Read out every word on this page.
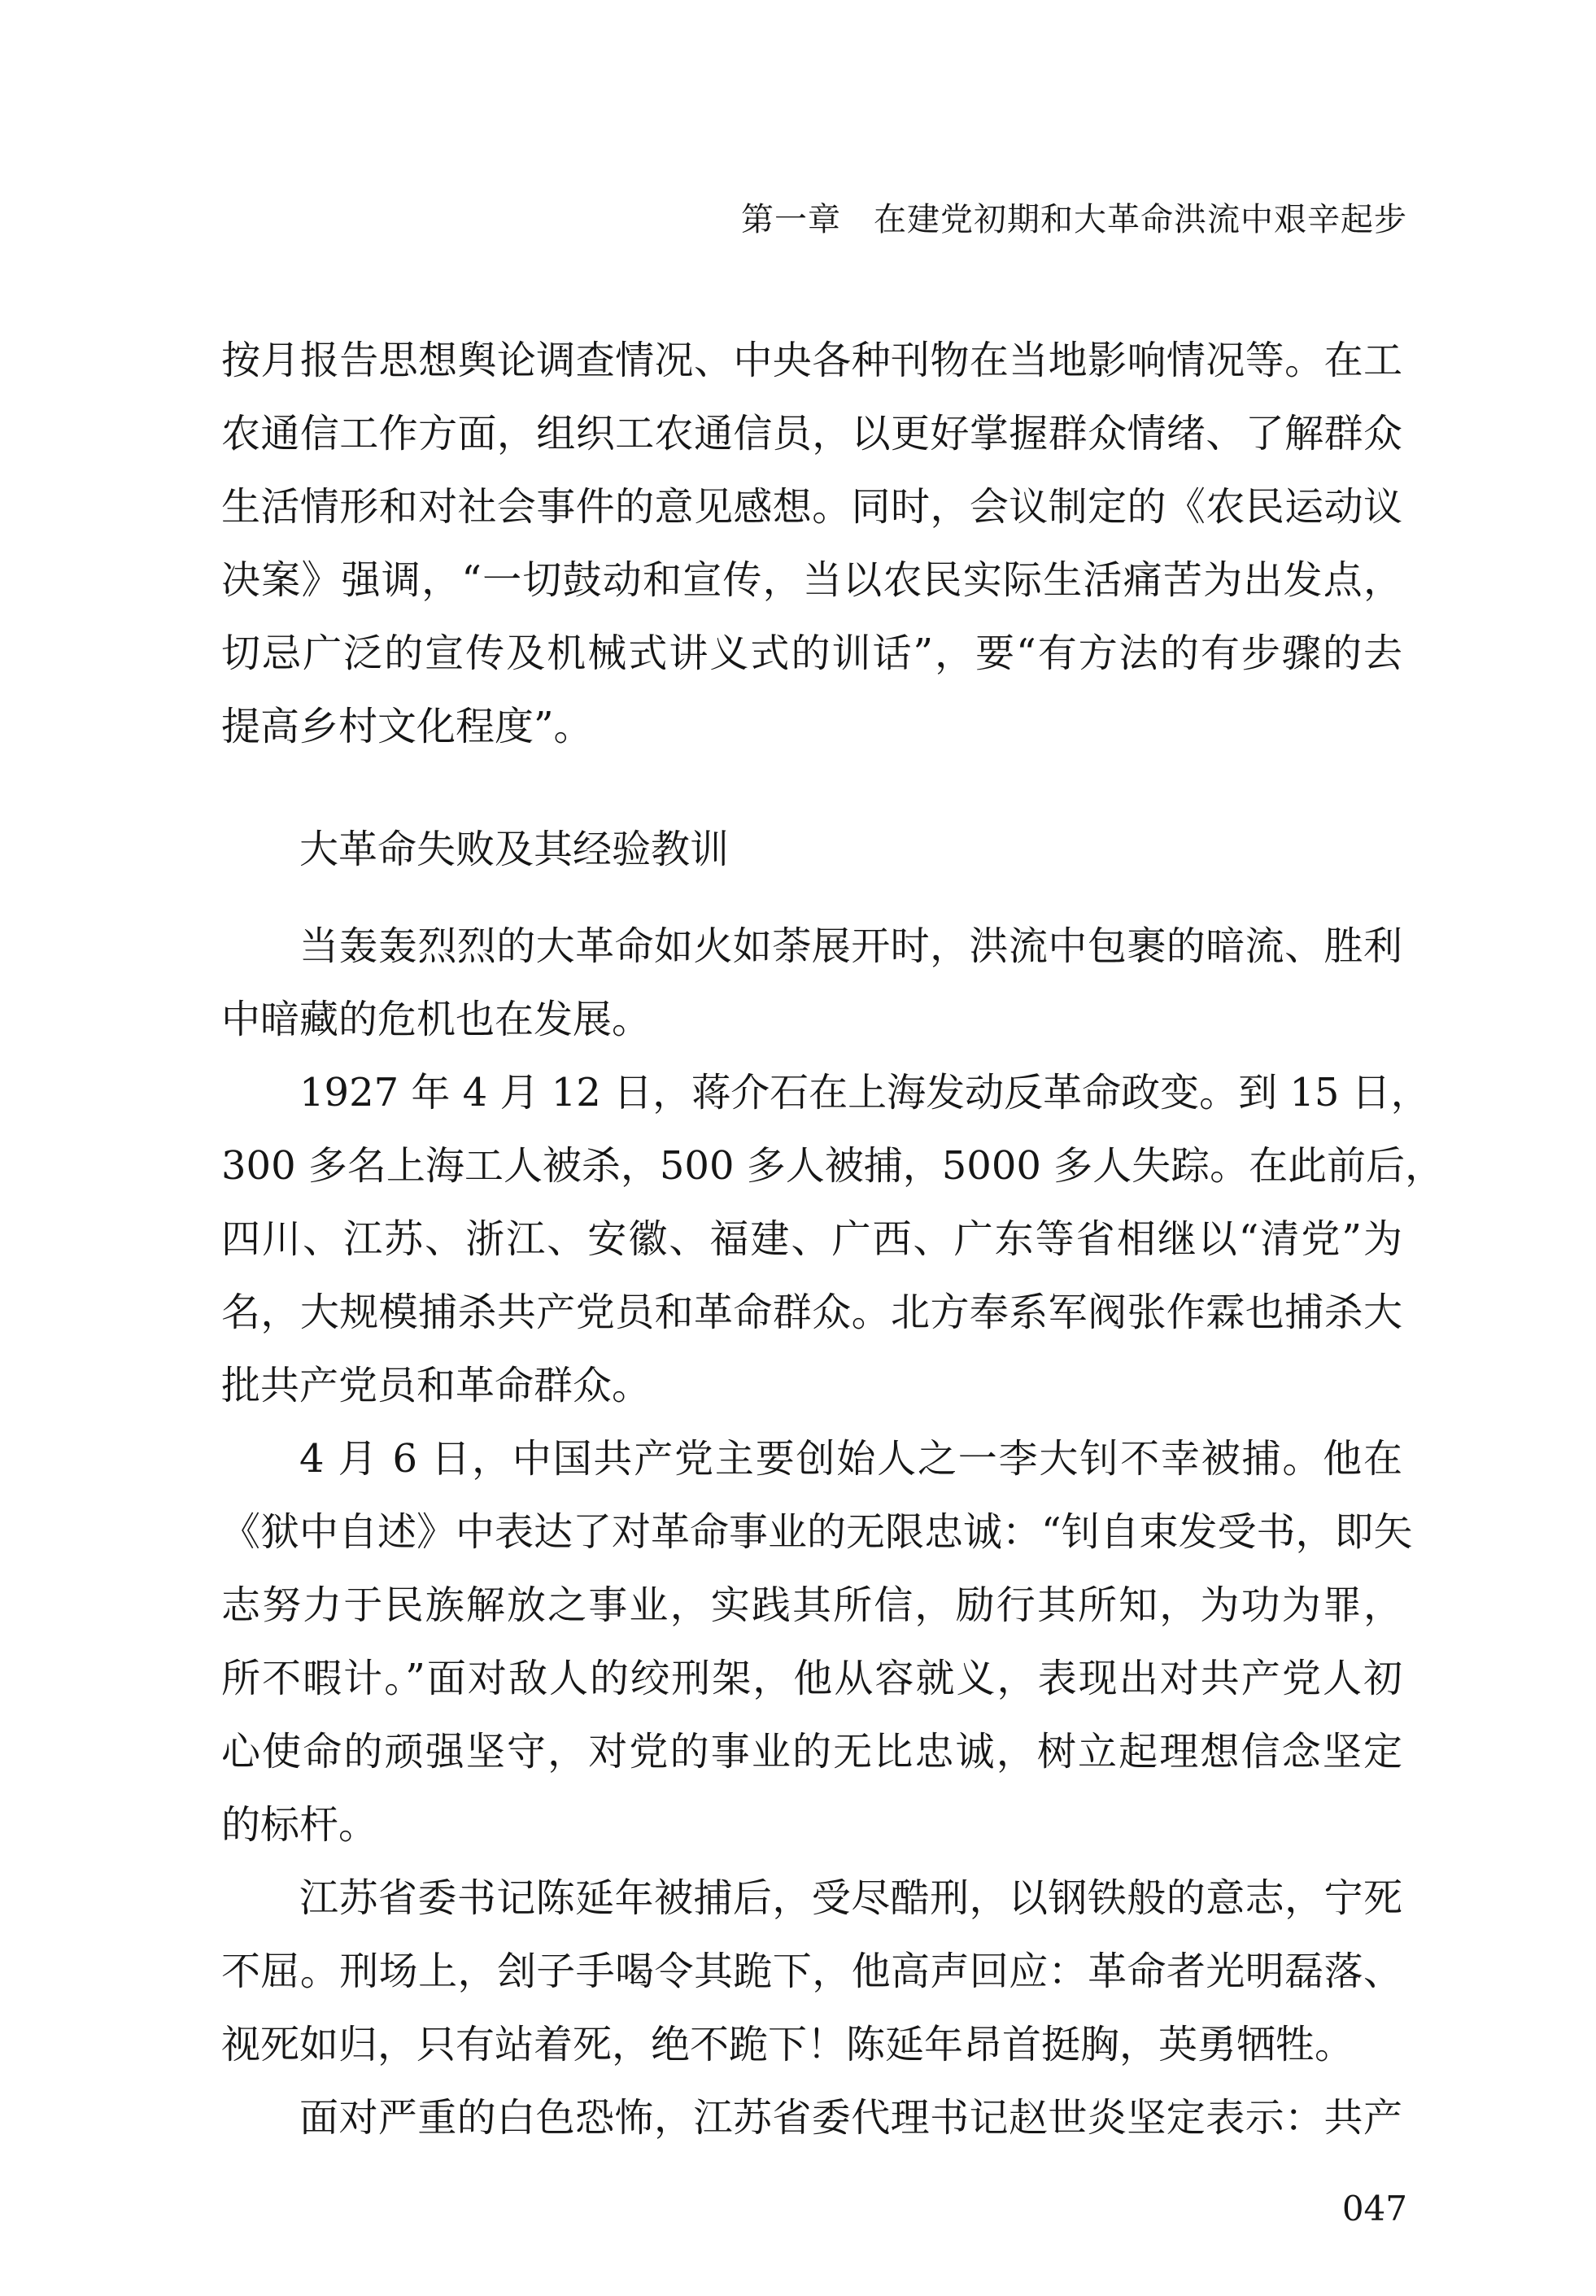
第一章 在建党初期和大革命洪流中艰辛起步
按月报告思想舆论调查情况、中央各种刊物在当地影响情况等。在工
农通信工作方面，组织工农通信员，以更好掌握群众情绪、了解群众
生活情形和对社会事件的意见感想。同时，会议制定的《农民运动议
决案》强调，“一切鼓动和宣传，当以农民实际生活痛苦为出发点，
切忌广泛的宣传及机械式讲义式的训话”，要“有方法的有步骤的去
提高乡村文化程度”。
大革命失败及其经验教训
当轰轰烈烈的大革命如火如荼展开时，洪流中包裹的暗流、胜利
中暗藏的危机也在发展。
1927 年 4 月 12 日，蒋介石在上海发动反革命政变。到 15 日，
300 多名上海工人被杀，500 多人被捕，5000 多人失踪。在此前后，
四川、江苏、浙江、安徽、福建、广西、广东等省相继以“清党”为
名，大规模捕杀共产党员和革命群众。北方奉系军阀张作霖也捕杀大
批共产党员和革命群众。
4 月 6 日，中国共产党主要创始人之一李大钊不幸被捕。他在
《狱中自述》中表达了对革命事业的无限忠诚：“钊自束发受书，即矢
志努力于民族解放之事业，实践其所信，励行其所知，为功为罪，
所不暇计。”面对敌人的绞刑架，他从容就义，表现出对共产党人初
心使命的顽强坚守，对党的事业的无比忠诚，树立起理想信念坚定
的标杆。
江苏省委书记陈延年被捕后，受尽酷刑，以钢铁般的意志，宁死
不屈。刑场上，刽子手喝令其跪下，他高声回应：革命者光明磊落、
视死如归，只有站着死，绝不跪下！陈延年昂首挺胸，英勇牺牲。
面对严重的白色恐怖，江苏省委代理书记赵世炎坚定表示：共产
047
